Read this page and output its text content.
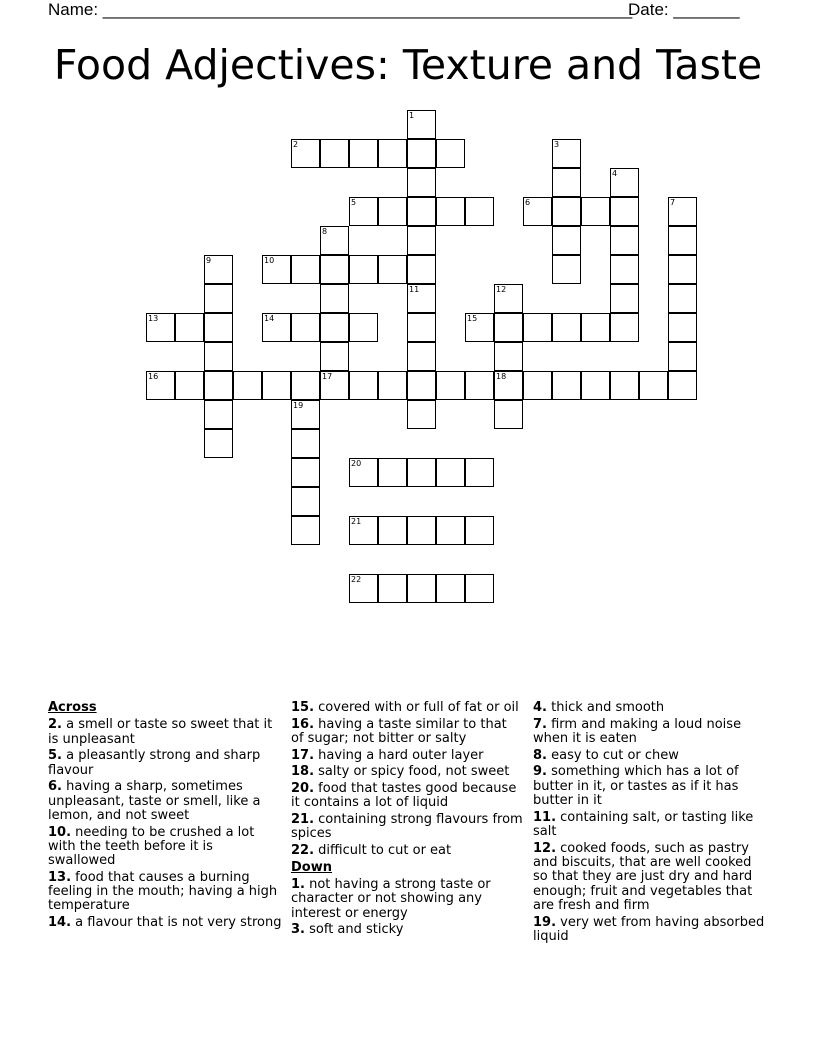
Name: ________________________________________________________
Date: _______
Food Adjectives: Texture and Taste
2
5	6
10
13	14	15
16	17	18
20
21
22
1
3
4
7
8
9
11	12
19
Across
2. a smell or taste so sweet that it is unpleasant
5. a pleasantly strong and sharp flavour
6. having a sharp, sometimes unpleasant, taste or smell, like a lemon, and not sweet
10. needing to be crushed a lot with the teeth before it is swallowed
13. food that causes a burning feeling in the mouth; having a high temperature
14. a flavour that is not very strong
15. covered with or full of fat or oil
16. having a taste similar to that of sugar; not bitter or salty
17. having a hard outer layer
18. salty or spicy food, not sweet
20. food that tastes good because it contains a lot of liquid
21. containing strong flavours from spices
22. difficult to cut or eat
Down
1. not having a strong taste or character or not showing any interest or energy
3. soft and sticky
4. thick and smooth
7. firm and making a loud noise when it is eaten
8. easy to cut or chew
9. something which has a lot of butter in it, or tastes as if it has butter in it
11. containing salt, or tasting like salt
12. cooked foods, such as pastry and biscuits, that are well cooked so that they are just dry and hard enough; fruit and vegetables that are fresh and firm
19. very wet from having absorbed liquid
